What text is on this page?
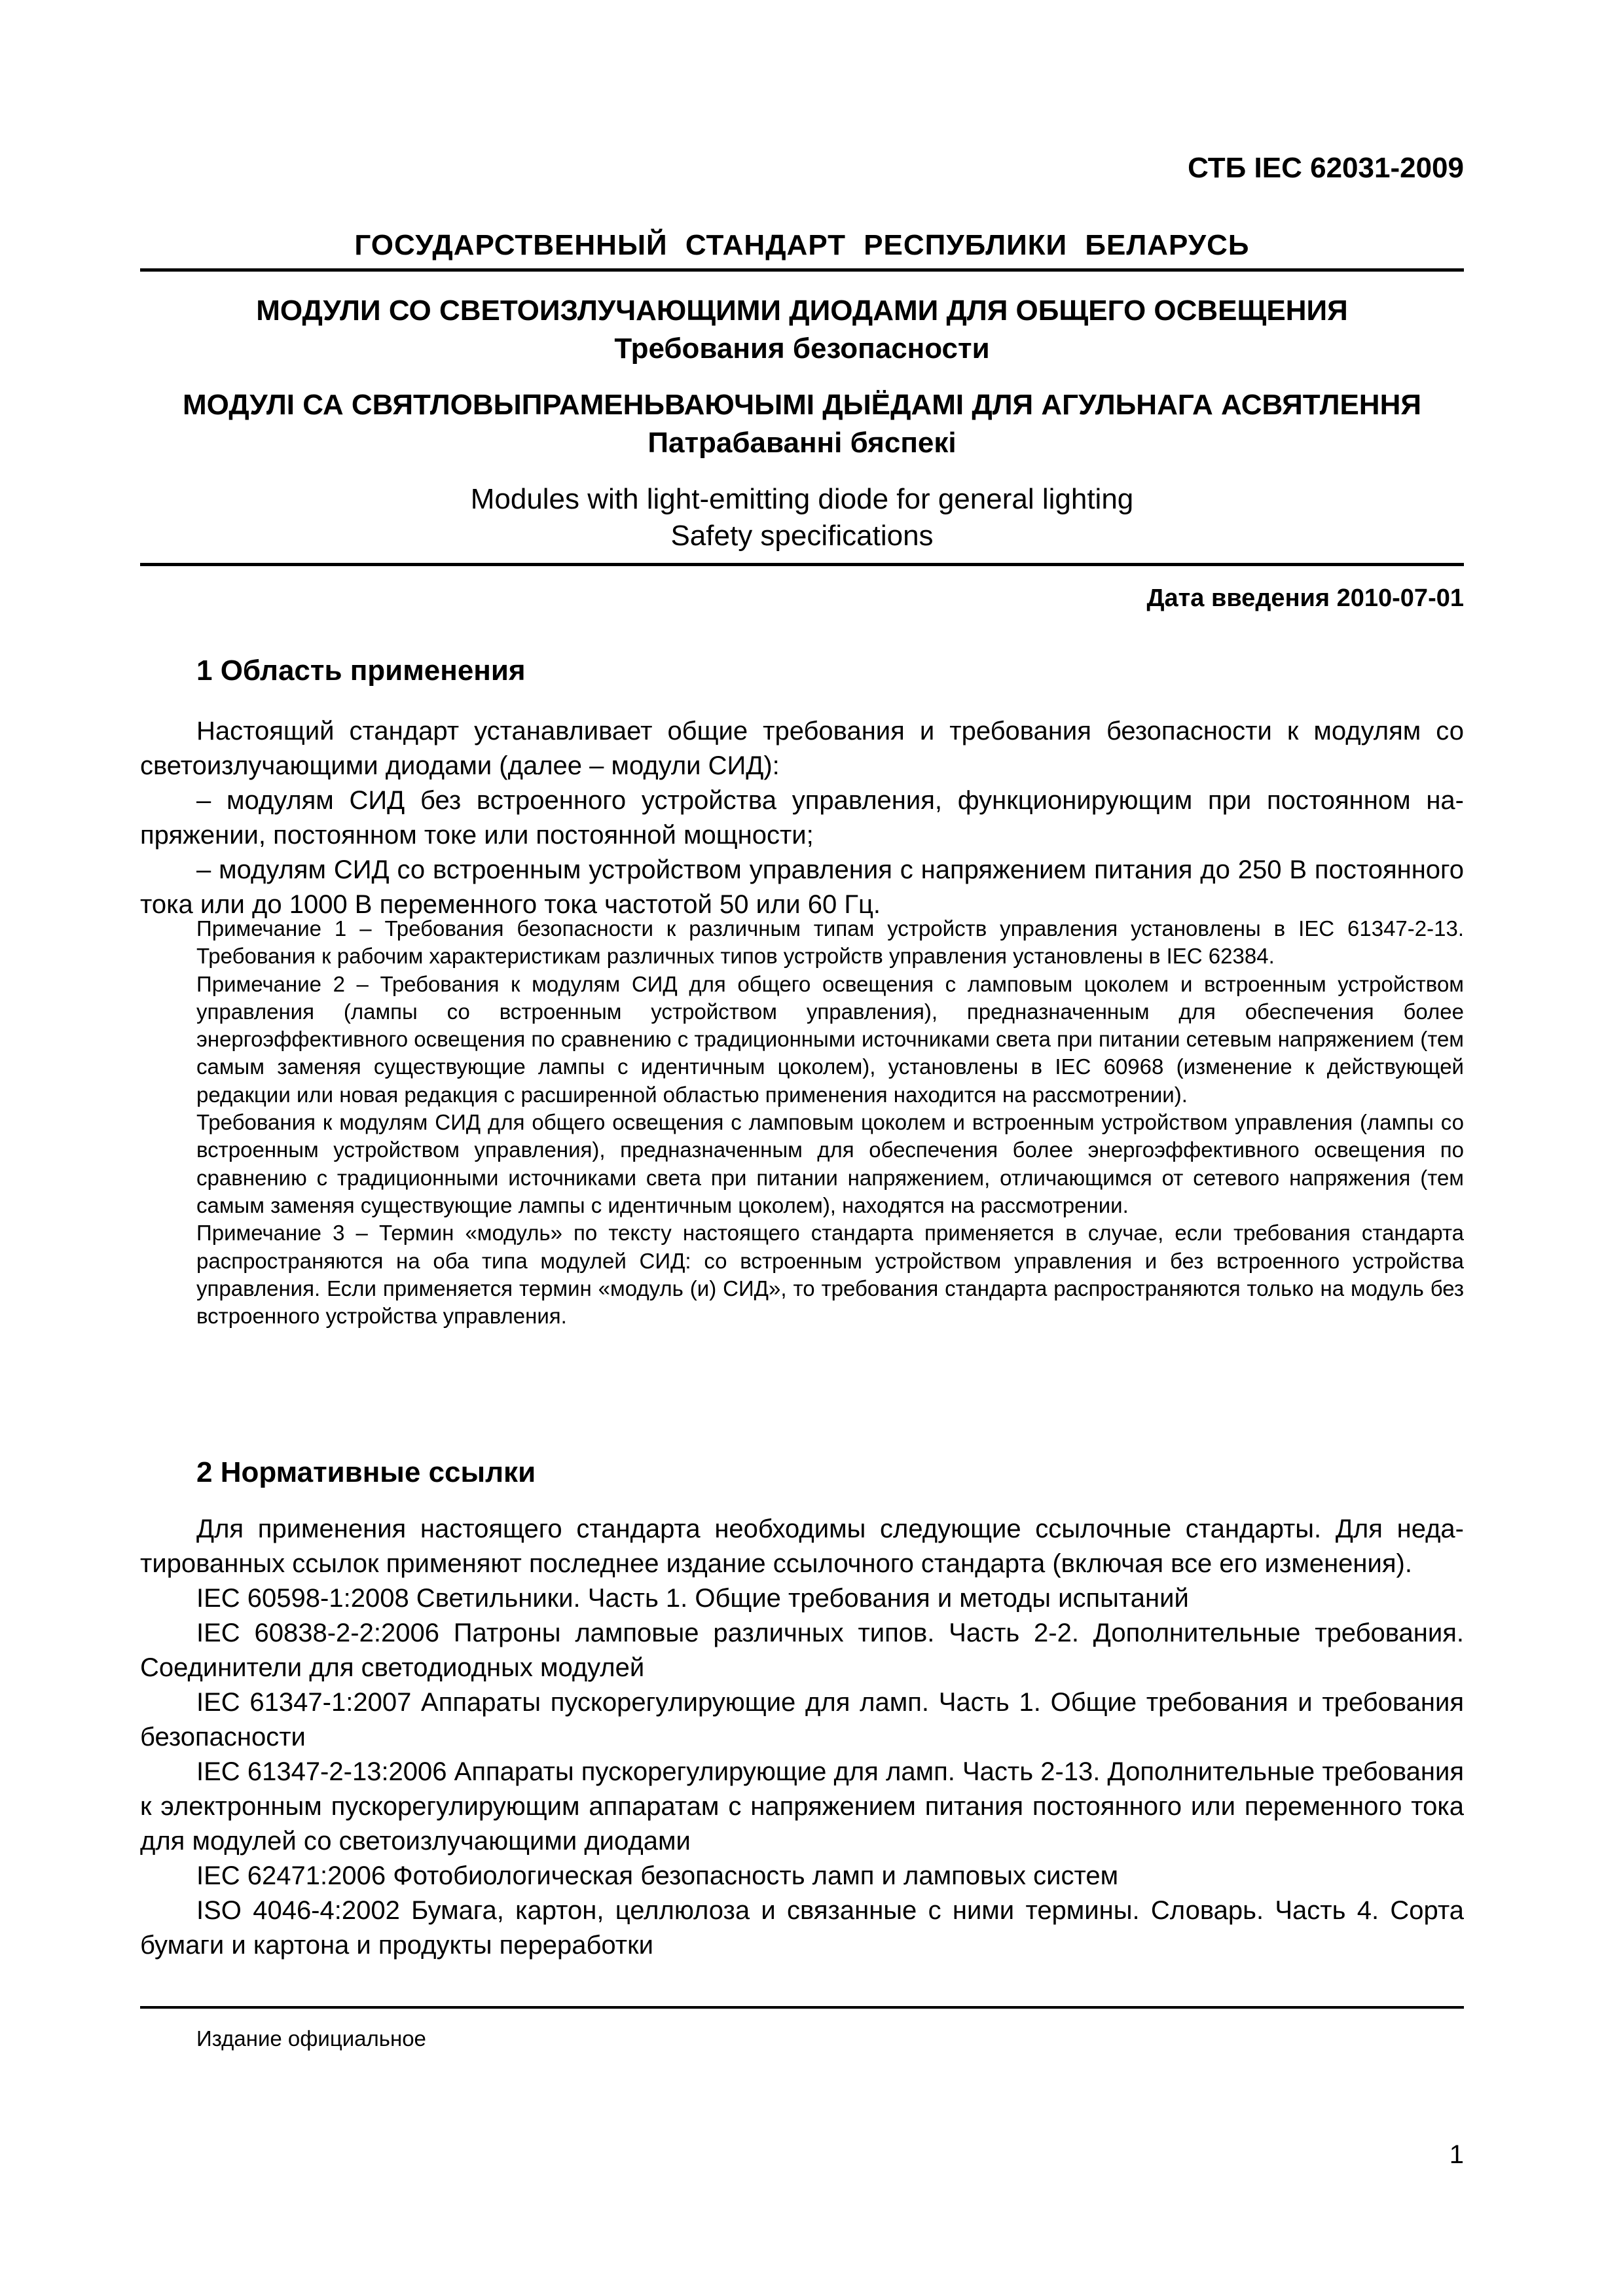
СТБ IEC 62031-2009
ГОСУДАРСТВЕННЫЙ СТАНДАРТ РЕСПУБЛИКИ БЕЛАРУСЬ
МОДУЛИ СО СВЕТОИЗЛУЧАЮЩИМИ ДИОДАМИ ДЛЯ ОБЩЕГО ОСВЕЩЕНИЯ
Требования безопасности
МОДУЛІ СА СВЯТЛОВЫПРАМЕНЬВАЮЧЫМІ ДЫЁДАМІ ДЛЯ АГУЛЬНАГА АСВЯТЛЕННЯ
Патрабаванні бяспекі
Modules with light-emitting diode for general lighting
Safety specifications
Дата введения 2010-07-01
1 Область применения

Настоящий стандарт устанавливает общие требования и требования безопасности к модулям со светоизлучающими диодами (далее – модули СИД):

– модулям СИД без встроенного устройства управления, функционирующим при постоянном напряжении, постоянном токе или постоянной мощности;

– модулям СИД со встроенным устройством управления с напряжением питания до 250 В постоянного тока или до 1000 В переменного тока частотой 50 или 60 Гц.

Примечание 1 – Требования безопасности к различным типам устройств управления установлены в IEC 61347-2-13. Требования к рабочим характеристикам различных типов устройств управления установлены в IEC 62384.

Примечание 2 – Требования к модулям СИД для общего освещения с ламповым цоколем и встроенным устройством управления (лампы со встроенным устройством управления), предназначенным для обеспечения более энергоэффективного освещения по сравнению с традиционными источниками света при питании сетевым напряжением (тем самым заменяя существующие лампы с идентичным цоколем), установлены в IEC 60968 (изменение к действующей редакции или новая редакция с расширенной областью применения находится на рассмотрении).

Требования к модулям СИД для общего освещения с ламповым цоколем и встроенным устройством управления (лампы со встроенным устройством управления), предназначенным для обеспечения более энергоэффективного освещения по сравнению с традиционными источниками света при питании напряжением, отличающимся от сетевого напряжения (тем самым заменяя существующие лампы с идентичным цоколем), находятся на рассмотрении.

Примечание 3 – Термин «модуль» по тексту настоящего стандарта применяется в случае, если требования стандарта распространяются на оба типа модулей СИД: со встроенным устройством управления и без встроенного устройства управления. Если применяется термин «модуль (и) СИД», то требования стандарта распространяются только на модуль без встроенного устройства управления.

2 Нормативные ссылки

Для применения настоящего стандарта необходимы следующие ссылочные стандарты. Для недатированных ссылок применяют последнее издание ссылочного стандарта (включая все его изменения).

IEC 60598-1:2008 Светильники. Часть 1. Общие требования и методы испытаний

IEC 60838-2-2:2006 Патроны ламповые различных типов. Часть 2-2. Дополнительные требования. Соединители для светодиодных модулей

IEC 61347-1:2007 Аппараты пускорегулирующие для ламп. Часть 1. Общие требования и требования безопасности

IEC 61347-2-13:2006 Аппараты пускорегулирующие для ламп. Часть 2-13. Дополнительные требования к электронным пускорегулирующим аппаратам с напряжением питания постоянного или переменного тока для модулей со светоизлучающими диодами

IEC 62471:2006 Фотобиологическая безопасность ламп и ламповых систем

ISO 4046-4:2002 Бумага, картон, целлюлоза и связанные с ними термины. Словарь. Часть 4. Сорта бумаги и картона и продукты переработки

Издание официальное
1
